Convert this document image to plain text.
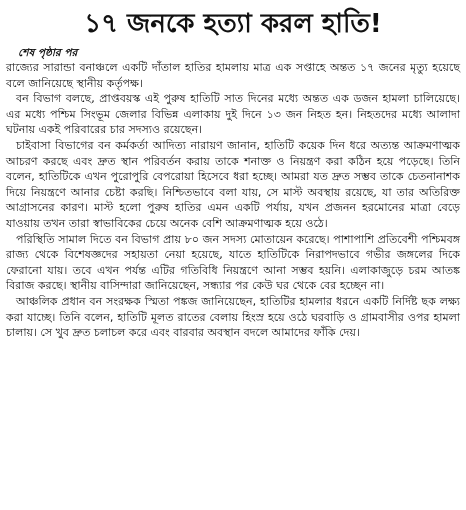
১৭ জনকে হত্যা করল হাতি!

শেষ পৃষ্ঠার পর

রাজ্যের সারান্ডা বনাঞ্চলে একটি দাঁতাল হাতির হামলায় মাত্র এক সপ্তাহে অন্তত ১৭ জনের মৃত্যু হয়েছে বলে জানিয়েছে স্থানীয় কর্তৃপক্ষ।

বন বিভাগ বলছে, প্রাপ্তবয়স্ক এই পুরুষ হাতিটি সাত দিনের মধ্যে অন্তত এক ডজন হামলা চালিয়েছে। এর মধ্যে পশ্চিম সিংভূম জেলার বিভিন্ন এলাকায় দুই দিনে ১৩ জন নিহত হন। নিহতদের মধ্যে আলাদা ঘটনায় একই পরিবারের চার সদস্যও রয়েছেন।

চাইবাসা বিভাগের বন কর্মকর্তা আদিত্য নারায়ণ জানান, হাতিটি কয়েক দিন ধরে অত্যন্ত আক্রমণাত্মক আচরণ করছে এবং দ্রুত স্থান পরিবর্তন করায় তাকে শনাক্ত ও নিয়ন্ত্রণ করা কঠিন হয়ে পড়েছে। তিনি বলেন, হাতিটিকে এখন পুরোপুরি বেপরোয়া হিসেবে ধরা হচ্ছে। আমরা যত দ্রুত সম্ভব তাকে চেতনানাশক দিয়ে নিয়ন্ত্রণে আনার চেষ্টা করছি। নিশ্চিতভাবে বলা যায়, সে মাস্ট অবস্থায় রয়েছে, যা তার অতিরিক্ত আগ্রাসনের কারণ। মাস্ট হলো পুরুষ হাতির এমন একটি পর্যায়, যখন প্রজনন হরমোনের মাত্রা বেড়ে যাওয়ায় তখন তারা স্বাভাবিকের চেয়ে অনেক বেশি আক্রমণাত্মক হয়ে ওঠে।

পরিস্থিতি সামাল দিতে বন বিভাগ প্রায় ৮০ জন সদস্য মোতায়েন করেছে। পাশাপাশি প্রতিবেশী পশ্চিমবঙ্গ রাজ্য থেকে বিশেষজ্ঞদের সহায়তা নেয়া হয়েছে, যাতে হাতিটিকে নিরাপদভাবে গভীর জঙ্গলের দিকে ফেরানো যায়। তবে এখন পর্যন্ত এটির গতিবিধি নিয়ন্ত্রণে আনা সম্ভব হয়নি। এলাকাজুড়ে চরম আতঙ্ক বিরাজ করছে। স্থানীয় বাসিন্দারা জানিয়েছেন, সন্ধ্যার পর কেউ ঘর থেকে বের হচ্ছেন না।

আঞ্চলিক প্রধান বন সংরক্ষক স্মিতা পঙ্কজ জানিয়েছেন, হাতিটির হামলার ধরনে একটি নির্দিষ্ট ছক লক্ষ্য করা যাচ্ছে। তিনি বলেন, হাতিটি মূলত রাতের বেলায় হিংস্র হয়ে ওঠে ঘরবাড়ি ও গ্রামবাসীর ওপর হামলা চালায়। সে খুব দ্রুত চলাচল করে এবং বারবার অবস্থান বদলে আমাদের ফাঁকি দেয়।
